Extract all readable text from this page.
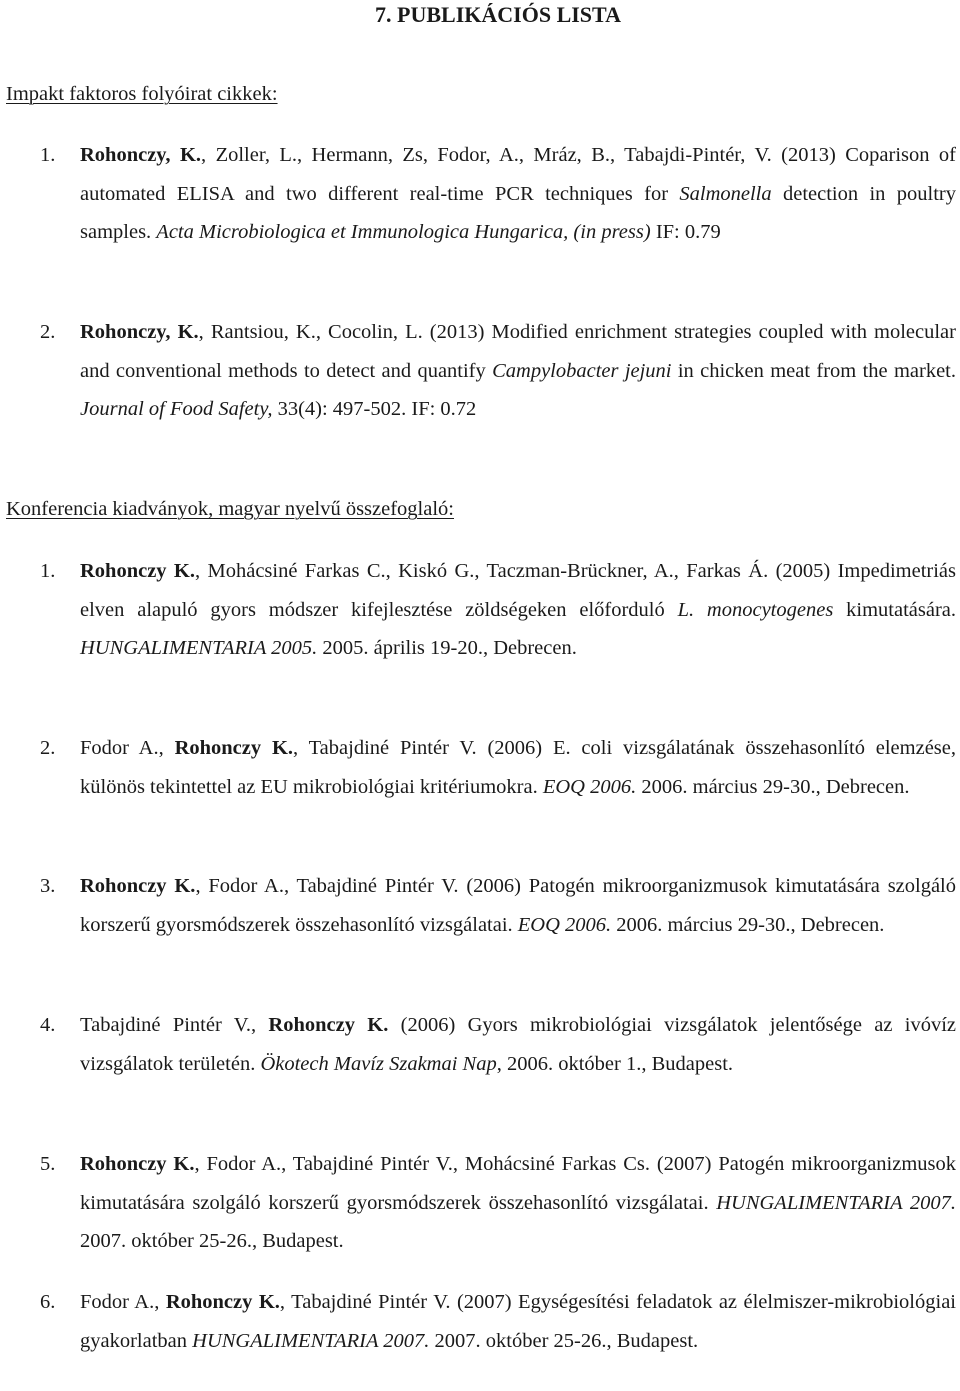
7. PUBLIKÁCIÓS LISTA
Impakt faktoros folyóirat cikkek:
1. Rohonczy, K., Zoller, L., Hermann, Zs, Fodor, A., Mráz, B., Tabajdi-Pintér, V. (2013) Coparison of automated ELISA and two different real-time PCR techniques for Salmonella detection in poultry samples. Acta Microbiologica et Immunologica Hungarica, (in press) IF: 0.79
2. Rohonczy, K., Rantsiou, K., Cocolin, L. (2013) Modified enrichment strategies coupled with molecular and conventional methods to detect and quantify Campylobacter jejuni in chicken meat from the market. Journal of Food Safety, 33(4): 497-502. IF: 0.72
Konferencia kiadványok, magyar nyelvű összefoglaló:
1. Rohonczy K., Mohácsiné Farkas C., Kiskó G., Taczman-Brückner, A., Farkas Á. (2005) Impedimetriás elven alapuló gyors módszer kifejlesztése zöldségeken előforduló L. monocytogenes kimutatására. HUNGALIMENTARIA 2005. 2005. április 19-20., Debrecen.
2. Fodor A., Rohonczy K., Tabajdiné Pintér V. (2006) E. coli vizsgálatának összehasonlító elemzése, különös tekintettel az EU mikrobiológiai kritériumokra. EOQ 2006. 2006. március 29-30., Debrecen.
3. Rohonczy K., Fodor A., Tabajdiné Pintér V. (2006) Patogén mikroorganizmusok kimutatására szolgáló korszerű gyorsmódszerek összehasonlító vizsgálatai. EOQ 2006. 2006. március 29-30., Debrecen.
4. Tabajdiné Pintér V., Rohonczy K. (2006) Gyors mikrobiológiai vizsgálatok jelentősége az ivóvíz vizsgálatok területén. Ökotech Mavíz Szakmai Nap, 2006. október 1., Budapest.
5. Rohonczy K., Fodor A., Tabajdiné Pintér V., Mohácsiné Farkas Cs. (2007) Patogén mikroorganizmusok kimutatására szolgáló korszerű gyorsmódszerek összehasonlító vizsgálatai. HUNGALIMENTARIA 2007. 2007. október 25-26., Budapest.
6. Fodor A., Rohonczy K., Tabajdiné Pintér V. (2007) Egységesítési feladatok az élelmiszer-mikrobiológiai gyakorlatban HUNGALIMENTARIA 2007. 2007. október 25-26., Budapest.
